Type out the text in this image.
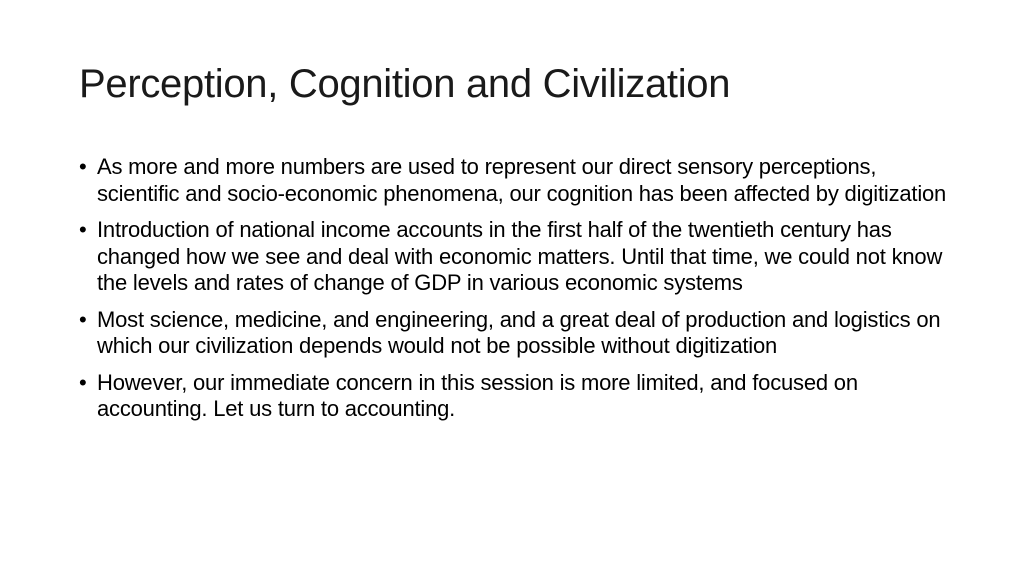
Perception, Cognition and Civilization
• As more and more numbers are used to represent our direct sensory perceptions, scientific and socio-economic phenomena, our cognition has been affected by digitization
• Introduction of national income accounts in the first half of the twentieth century has changed how we see and deal with economic matters. Until that time, we could not know the levels and rates of change of GDP in various economic systems
• Most science, medicine, and engineering, and a great deal of production and logistics on which our civilization depends would not be possible without digitization
• However, our immediate concern in this session is more limited, and focused on accounting. Let us turn to accounting.
